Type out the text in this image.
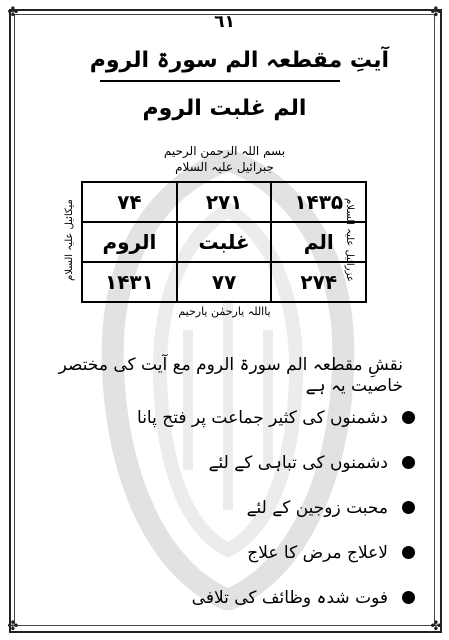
✤	✤
✤	✤
٦١
آیتِ مقطعہ الم سورۃ الروم
الم غلبت الروم
بسم اللہ الرحمن الرحیم
جبرائیل علیہ السلام
۱۴۳۵	۲۷۱	۷۴
الم	غلبت	الروم
۲۷۴	۷۷	۱۴۳۱
عزرائیل علیہ السلام
میکائیل علیہ السلام
یااللہ یارحمٰن یارحیم
نقشِ مقطعہ الم سورۃ الروم مع آیت کی مختصر خاصیت یہ ہے
دشمنوں کی کثیر جماعت پر فتح پانا
دشمنوں کی تباہی کے لئے
محبت زوجین کے لئے
لاعلاج مرض کا علاج
فوت شدہ وظائف کی تلافی
